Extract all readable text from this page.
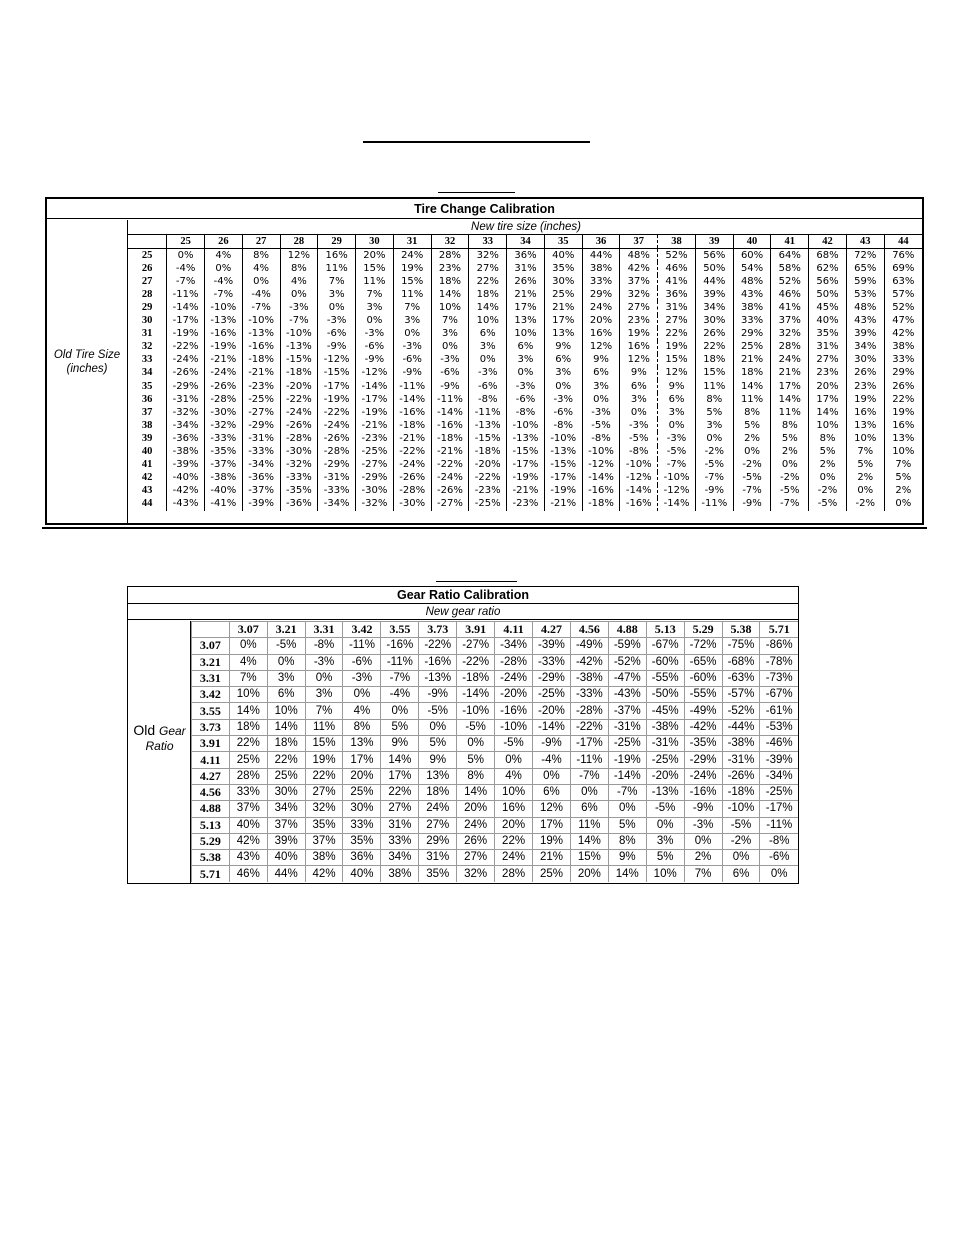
Tire Change Calibration
Old Tire Size (inches)
New tire size (inches)
	25	26	27	28	29	30	31	32	33	34	35	36	37	38	39	40	41	42	43	44
25	0%	4%	8%	12%	16%	20%	24%	28%	32%	36%	40%	44%	48%	52%	56%	60%	64%	68%	72%	76%
26	-4%	0%	4%	8%	11%	15%	19%	23%	27%	31%	35%	38%	42%	46%	50%	54%	58%	62%	65%	69%
27	-7%	-4%	0%	4%	7%	11%	15%	18%	22%	26%	30%	33%	37%	41%	44%	48%	52%	56%	59%	63%
28	-11%	-7%	-4%	0%	3%	7%	11%	14%	18%	21%	25%	29%	32%	36%	39%	43%	46%	50%	53%	57%
29	-14%	-10%	-7%	-3%	0%	3%	7%	10%	14%	17%	21%	24%	27%	31%	34%	38%	41%	45%	48%	52%
30	-17%	-13%	-10%	-7%	-3%	0%	3%	7%	10%	13%	17%	20%	23%	27%	30%	33%	37%	40%	43%	47%
31	-19%	-16%	-13%	-10%	-6%	-3%	0%	3%	6%	10%	13%	16%	19%	22%	26%	29%	32%	35%	39%	42%
32	-22%	-19%	-16%	-13%	-9%	-6%	-3%	0%	3%	6%	9%	12%	16%	19%	22%	25%	28%	31%	34%	38%
33	-24%	-21%	-18%	-15%	-12%	-9%	-6%	-3%	0%	3%	6%	9%	12%	15%	18%	21%	24%	27%	30%	33%
34	-26%	-24%	-21%	-18%	-15%	-12%	-9%	-6%	-3%	0%	3%	6%	9%	12%	15%	18%	21%	23%	26%	29%
35	-29%	-26%	-23%	-20%	-17%	-14%	-11%	-9%	-6%	-3%	0%	3%	6%	9%	11%	14%	17%	20%	23%	26%
36	-31%	-28%	-25%	-22%	-19%	-17%	-14%	-11%	-8%	-6%	-3%	0%	3%	6%	8%	11%	14%	17%	19%	22%
37	-32%	-30%	-27%	-24%	-22%	-19%	-16%	-14%	-11%	-8%	-6%	-3%	0%	3%	5%	8%	11%	14%	16%	19%
38	-34%	-32%	-29%	-26%	-24%	-21%	-18%	-16%	-13%	-10%	-8%	-5%	-3%	0%	3%	5%	8%	10%	13%	16%
39	-36%	-33%	-31%	-28%	-26%	-23%	-21%	-18%	-15%	-13%	-10%	-8%	-5%	-3%	0%	2%	5%	8%	10%	13%
40	-38%	-35%	-33%	-30%	-28%	-25%	-22%	-21%	-18%	-15%	-13%	-10%	-8%	-5%	-2%	0%	2%	5%	7%	10%
41	-39%	-37%	-34%	-32%	-29%	-27%	-24%	-22%	-20%	-17%	-15%	-12%	-10%	-7%	-5%	-2%	0%	2%	5%	7%
42	-40%	-38%	-36%	-33%	-31%	-29%	-26%	-24%	-22%	-19%	-17%	-14%	-12%	-10%	-7%	-5%	-2%	0%	2%	5%
43	-42%	-40%	-37%	-35%	-33%	-30%	-28%	-26%	-23%	-21%	-19%	-16%	-14%	-12%	-9%	-7%	-5%	-2%	0%	2%
44	-43%	-41%	-39%	-36%	-34%	-32%	-30%	-27%	-25%	-23%	-21%	-18%	-16%	-14%	-11%	-9%	-7%	-5%	-2%	0%
Gear Ratio Calibration
New gear ratio
Old Gear
Ratio
	3.07	3.21	3.31	3.42	3.55	3.73	3.91	4.11	4.27	4.56	4.88	5.13	5.29	5.38	5.71
3.07	0%	-5%	-8%	-11%	-16%	-22%	-27%	-34%	-39%	-49%	-59%	-67%	-72%	-75%	-86%
3.21	4%	0%	-3%	-6%	-11%	-16%	-22%	-28%	-33%	-42%	-52%	-60%	-65%	-68%	-78%
3.31	7%	3%	0%	-3%	-7%	-13%	-18%	-24%	-29%	-38%	-47%	-55%	-60%	-63%	-73%
3.42	10%	6%	3%	0%	-4%	-9%	-14%	-20%	-25%	-33%	-43%	-50%	-55%	-57%	-67%
3.55	14%	10%	7%	4%	0%	-5%	-10%	-16%	-20%	-28%	-37%	-45%	-49%	-52%	-61%
3.73	18%	14%	11%	8%	5%	0%	-5%	-10%	-14%	-22%	-31%	-38%	-42%	-44%	-53%
3.91	22%	18%	15%	13%	9%	5%	0%	-5%	-9%	-17%	-25%	-31%	-35%	-38%	-46%
4.11	25%	22%	19%	17%	14%	9%	5%	0%	-4%	-11%	-19%	-25%	-29%	-31%	-39%
4.27	28%	25%	22%	20%	17%	13%	8%	4%	0%	-7%	-14%	-20%	-24%	-26%	-34%
4.56	33%	30%	27%	25%	22%	18%	14%	10%	6%	0%	-7%	-13%	-16%	-18%	-25%
4.88	37%	34%	32%	30%	27%	24%	20%	16%	12%	6%	0%	-5%	-9%	-10%	-17%
5.13	40%	37%	35%	33%	31%	27%	24%	20%	17%	11%	5%	0%	-3%	-5%	-11%
5.29	42%	39%	37%	35%	33%	29%	26%	22%	19%	14%	8%	3%	0%	-2%	-8%
5.38	43%	40%	38%	36%	34%	31%	27%	24%	21%	15%	9%	5%	2%	0%	-6%
5.71	46%	44%	42%	40%	38%	35%	32%	28%	25%	20%	14%	10%	7%	6%	0%
